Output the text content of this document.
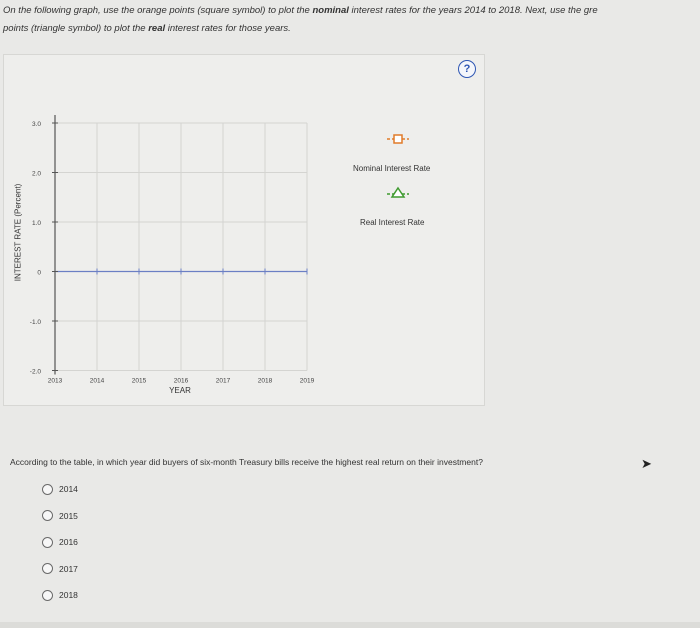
On the following graph, use the orange points (square symbol) to plot the nominal interest rates for the years 2014 to 2018. Next, use the gre
points (triangle symbol) to plot the real interest rates for those years.
?
3.0
2.0
1.0
0
-1.0
-2.0
2013	2014	2015	2016	2017	2018	2019
YEAR
INTEREST RATE (Percent)
Nominal Interest Rate
Real Interest Rate
According to the table, in which year did buyers of six-month Treasury bills receive the highest real return on their investment?	➤
2014
2015
2016
2017
2018
